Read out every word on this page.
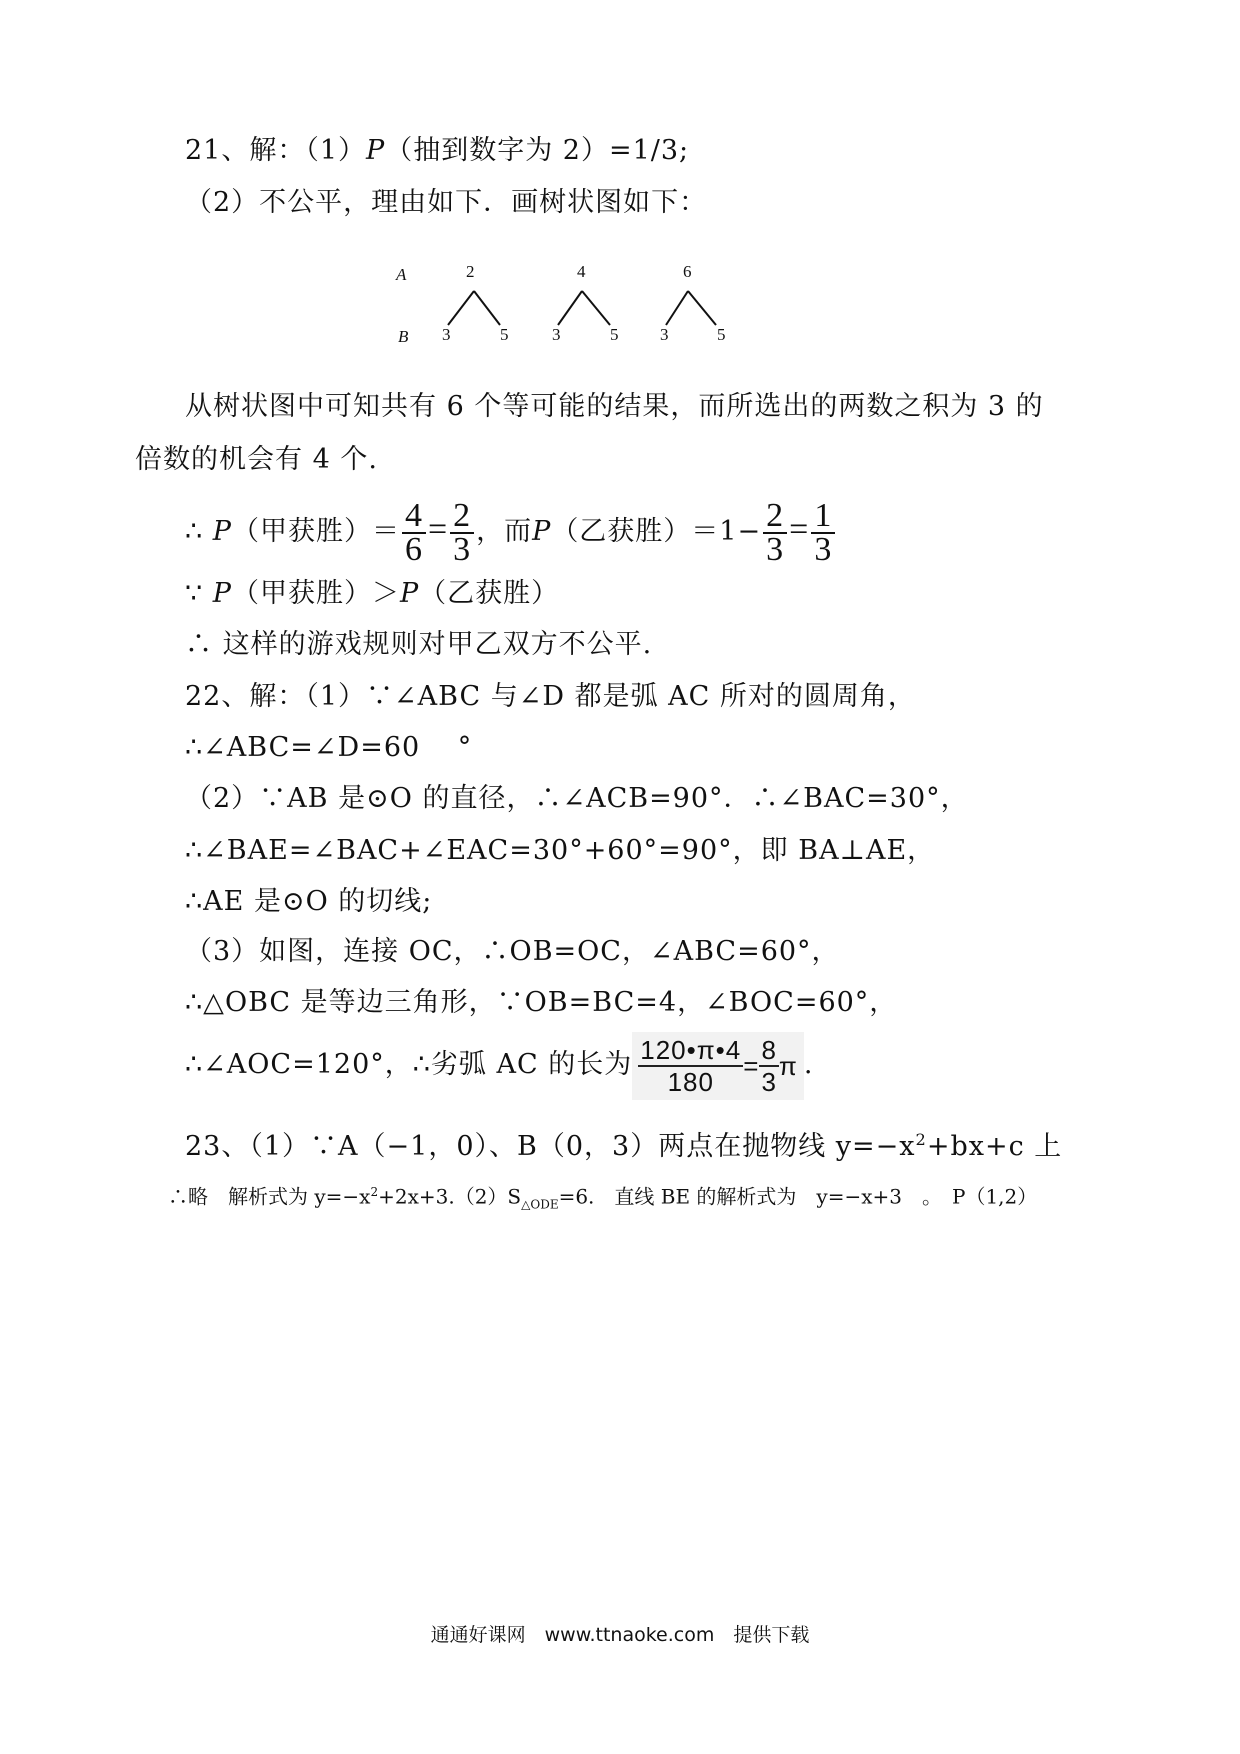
21、解：（1）P（抽到数字为 2）=1/3;
（2）不公平，理由如下．画树状图如下：
A
B
2	4	6
3	5	3	5 3	5
从树状图中可知共有 6 个等可能的结果，而所选出的两数之积为 3 的
倍数的机会有 4 个.
∴ P（甲获胜）＝ $\frac{4}{6} = \frac{2}{3}$ ，而P（乙获胜）$=1- \frac{2}{3} = \frac{1}{3}$
∵ P（甲获胜）＞P（乙获胜）
∴ 这样的游戏规则对甲乙双方不公平.
22、解：（1）∵∠ABC 与∠D 都是弧 AC 所对的圆周角，
∴∠ABC=∠D=60　 °
（2）∵AB 是⊙O 的直径，∴∠ACB=90°．∴∠BAC=30°，
∴∠BAE=∠BAC+∠EAC=30°+60°=90°，即 BA⊥AE，
∴AE 是⊙O 的切线;
（3）如图，连接 OC，∴OB=OC，∠ABC=60°，
∴△OBC 是等边三角形，∵OB=BC=4，∠BOC=60°，
∴∠AOC=120°，∴劣弧 AC 的长为 $\frac{120•\pi•4}{180} = \frac{8}{3}$ π .
23、（1）∵A（−1，0）、B（0，3）两点在抛物线 $y=-x^2+bx+c$ 上
∴略　解析式为 $y=-x^2+2x+3.(2)S_{\triangle ODE}=6$.　直线 BE 的解析式为　y=−x+3　。　P（1,2）
通通好课网　www.ttnaoke.com　提供下载
